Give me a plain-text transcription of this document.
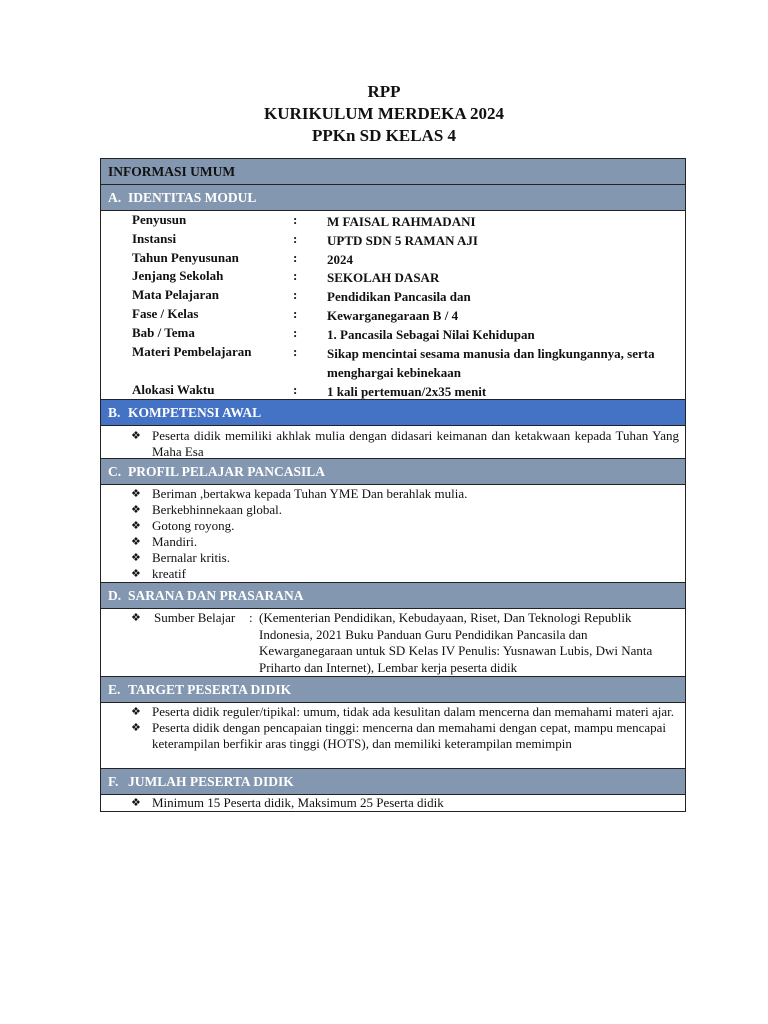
RPP
KURIKULUM MERDEKA 2024
PPKn SD KELAS 4
INFORMASI UMUM
A. IDENTITAS MODUL
Penyusun	: M FAISAL RAHMADANI
Instansi	: UPTD SDN 5 RAMAN AJI
Tahun Penyusunan	: 2024
Jenjang Sekolah	: SEKOLAH DASAR
Mata Pelajaran	: Pendidikan Pancasila dan
Fase / Kelas	: Kewarganegaraan B / 4
Bab / Tema	: 1. Pancasila Sebagai Nilai Kehidupan
Materi Pembelajaran	: Sikap mencintai sesama manusia dan lingkungannya, serta menghargai kebinekaan
Alokasi Waktu	: 1 kali pertemuan/2x35 menit
B. KOMPETENSI AWAL
❖ Peserta didik memiliki akhlak mulia dengan didasari keimanan dan ketakwaan kepada Tuhan Yang Maha Esa
C. PROFIL PELAJAR PANCASILA
❖ Beriman ,bertakwa kepada Tuhan YME Dan berahlak mulia.
❖ Berkebhinnekaan global.
❖ Gotong royong.
❖ Mandiri.
❖ Bernalar kritis.
❖ kreatif
D. SARANA DAN PRASARANA
Sumber Belajar : (Kementerian Pendidikan, Kebudayaan, Riset, Dan Teknologi Republik Indonesia, 2021 Buku Panduan Guru Pendidikan Pancasila dan Kewarganegaraan untuk SD Kelas IV Penulis: Yusnawan Lubis, Dwi Nanta Priharto dan Internet), Lembar kerja peserta didik
E. TARGET PESERTA DIDIK
❖ Peserta didik reguler/tipikal: umum, tidak ada kesulitan dalam mencerna dan memahami materi ajar.
❖ Peserta didik dengan pencapaian tinggi: mencerna dan memahami dengan cepat, mampu mencapai keterampilan berfikir aras tinggi (HOTS), dan memiliki keterampilan memimpin
F. JUMLAH PESERTA DIDIK
❖ Minimum 15 Peserta didik, Maksimum 25 Peserta didik
